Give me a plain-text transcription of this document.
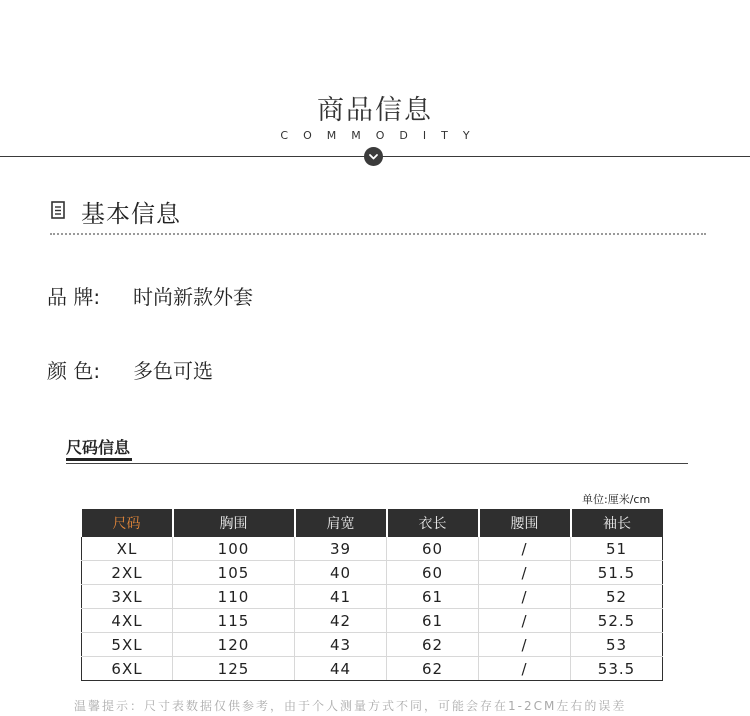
商品信息
COMMODITY
基本信息
品 牌: 时尚新款外套
颜 色: 多色可选
尺码信息
单位:厘米/cm
尺码	胸围	肩宽	衣长	腰围	袖长
XL	100	39	60	/	51
2XL	105	40	60	/	51.5
3XL	110	41	61	/	52
4XL	115	42	61	/	52.5
5XL	120	43	62	/	53
6XL	125	44	62	/	53.5
温馨提示：尺寸表数据仅供参考，由于个人测量方式不同，可能会存在1-2CM左右的误差
